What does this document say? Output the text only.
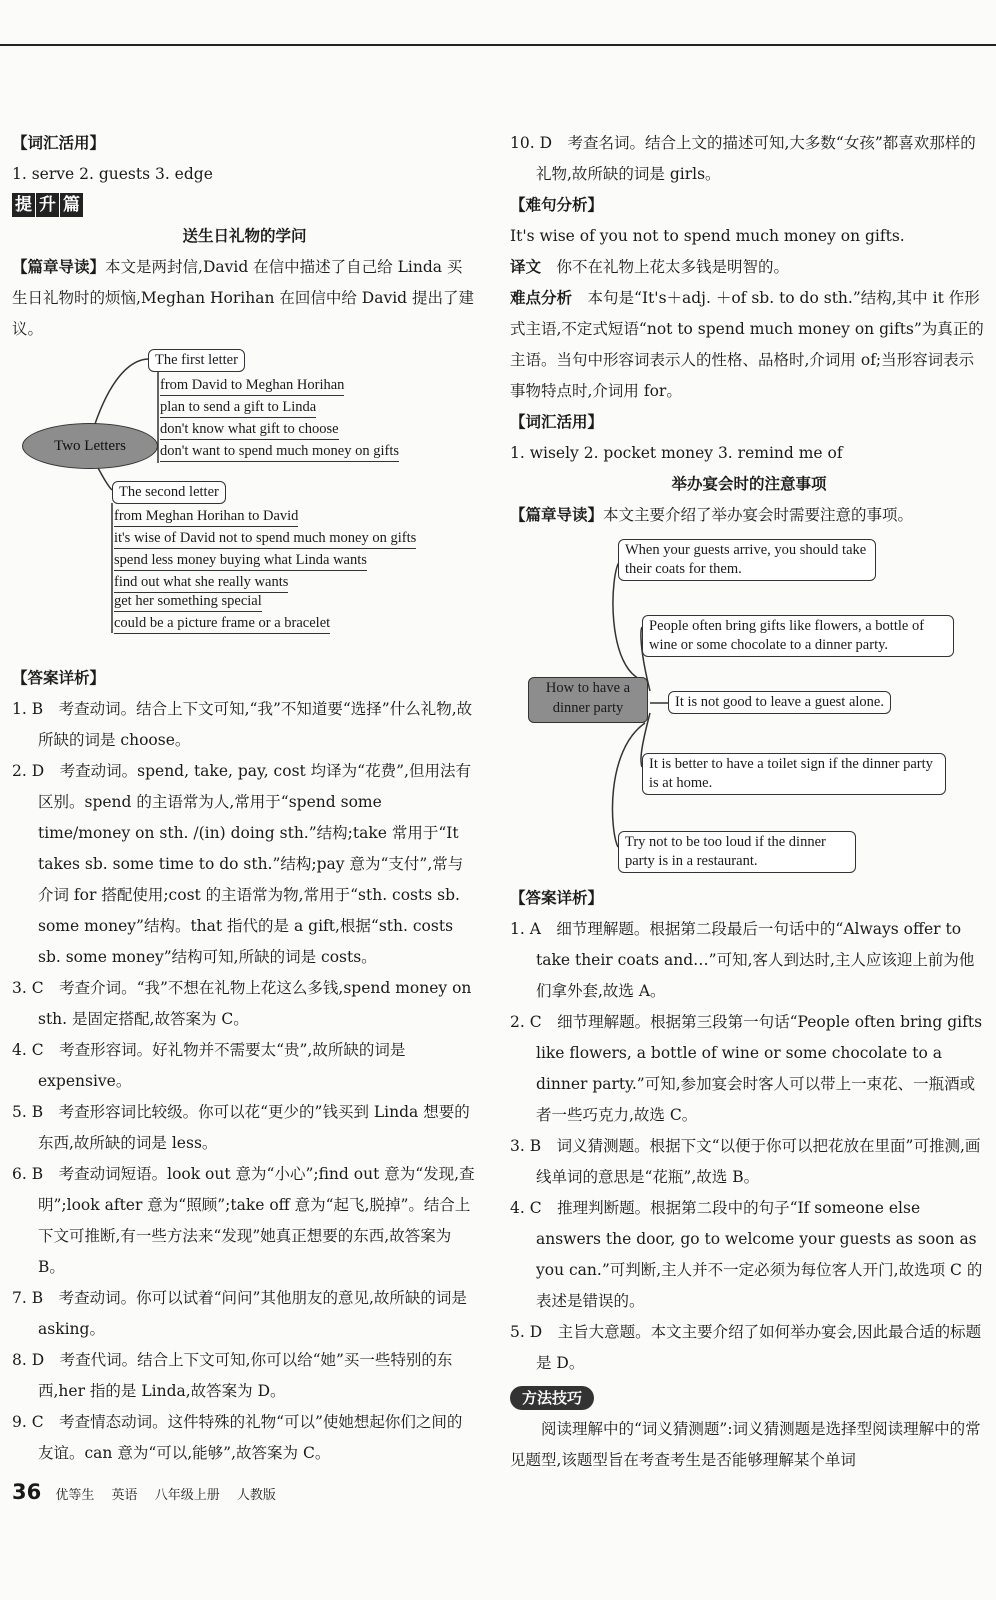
【词汇活用】

1. serve 2. guests 3. edge

提 升 篇

送生日礼物的学问

【篇章导读】本文是两封信,David 在信中描述了自己给 Linda 买生日礼物时的烦恼,Meghan Horihan 在回信中给 David 提出了建议。

Two Letters
The first letter
from David to Meghan Horihan
plan to send a gift to Linda
don't know what gift to choose
don't want to spend much money on gifts
The second letter
from Meghan Horihan to David
it's wise of David not to spend much money on gifts
spend less money buying what Linda wants
find out what she really wants
get her something special
could be a picture frame or a bracelet

【答案详析】

1. B　考查动词。结合上下文可知,“我”不知道要“选择”什么礼物,故所缺的词是 choose。

2. D　考查动词。spend, take, pay, cost 均译为“花费”,但用法有区别。spend 的主语常为人,常用于“spend some time/money on sth. /(in) doing sth.”结构;take 常用于“It takes sb. some time to do sth.”结构;pay 意为“支付”,常与介词 for 搭配使用;cost 的主语常为物,常用于“sth. costs sb. some money”结构。that 指代的是 a gift,根据“sth. costs sb. some money”结构可知,所缺的词是 costs。

3. C　考查介词。“我”不想在礼物上花这么多钱,spend money on sth. 是固定搭配,故答案为 C。

4. C　考查形容词。好礼物并不需要太“贵”,故所缺的词是 expensive。

5. B　考查形容词比较级。你可以花“更少的”钱买到 Linda 想要的东西,故所缺的词是 less。

6. B　考查动词短语。look out 意为“小心”;find out 意为“发现,查明”;look after 意为“照顾”;take off 意为“起飞,脱掉”。结合上下文可推断,有一些方法来“发现”她真正想要的东西,故答案为 B。

7. B　考查动词。你可以试着“问问”其他朋友的意见,故所缺的词是 asking。

8. D　考查代词。结合上下文可知,你可以给“她”买一些特别的东西,her 指的是 Linda,故答案为 D。

9. C　考查情态动词。这件特殊的礼物“可以”使她想起你们之间的友谊。can 意为“可以,能够”,故答案为 C。

10. D　考查名词。结合上文的描述可知,大多数“女孩”都喜欢那样的礼物,故所缺的词是 girls。

【难句分析】

It's wise of you not to spend much money on gifts.

译文　 你不在礼物上花太多钱是明智的。

难点分析　 本句是“It's＋adj. ＋of sb. to do sth.”结构,其中 it 作形式主语,不定式短语“not to spend much money on gifts”为真正的主语。当句中形容词表示人的性格、品格时,介词用 of;当形容词表示事物特点时,介词用 for。

【词汇活用】

1. wisely 2. pocket money 3. remind me of

举办宴会时的注意事项

【篇章导读】本文主要介绍了举办宴会时需要注意的事项。

How to have a dinner party
When your guests arrive, you should take their coats for them.
People often bring gifts like flowers, a bottle of wine or some chocolate to a dinner party.
It is not good to leave a guest alone.
It is better to have a toilet sign if the dinner party is at home.
Try not to be too loud if the dinner party is in a restaurant.

【答案详析】

1. A　细节理解题。根据第二段最后一句话中的“Always offer to take their coats and…”可知,客人到达时,主人应该迎上前为他们拿外套,故选 A。

2. C　细节理解题。根据第三段第一句话“People often bring gifts like flowers, a bottle of wine or some chocolate to a dinner party.”可知,参加宴会时客人可以带上一束花、一瓶酒或者一些巧克力,故选 C。

3. B　词义猜测题。根据下文“以便于你可以把花放在里面”可推测,画线单词的意思是“花瓶”,故选 B。

4. C　推理判断题。根据第二段中的句子“If someone else answers the door, go to welcome your guests as soon as you can.”可判断,主人并不一定必须为每位客人开门,故选项 C 的表述是错误的。

5. D　主旨大意题。本文主要介绍了如何举办宴会,因此最合适的标题是 D。

方法技巧

阅读理解中的“词义猜测题”:词义猜测题是选择型阅读理解中的常见题型,该题型旨在考查考生是否能够理解某个单词

36 优等生　 英语　 八年级上册　 人教版
